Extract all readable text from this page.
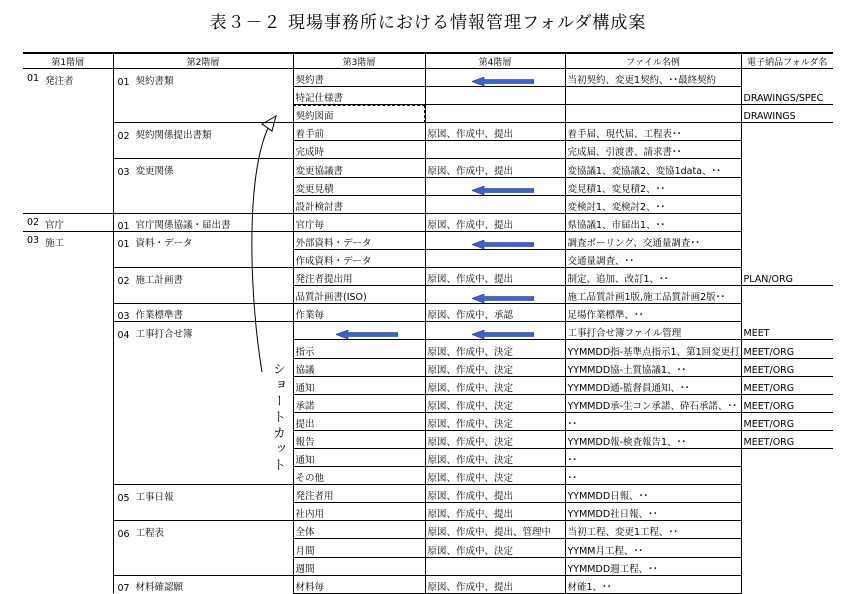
表３－２ 現場事務所における情報管理フォルダ構成案
第1階層	第2階層	第3階層	第4階層	ファイル名例	電子納品フォルダ名
01 発注者	01 契約書類	契約書		当初契約、変更1契約、･･最終契約	
		特記仕様書			DRAWINGS/SPEC
		契約図面			DRAWINGS
	02 契約関係提出書類	着手前	原図、作成中、提出	着手届、現代届、工程表･･	
		完成時		完成届、引渡書、請求書･･	
	03 変更関係	変更協議書	原図、作成中、提出	変協議1、変協議2、変協1data、･･	
		変更見積		変見積1、変見積2、･･	
		設計検討書		変検討1、変検討2、･･	
02 官庁	01 官庁関係協議・届出書	官庁毎	原図、作成中、提出	県協議1、市届出1、･･	
03 施工	01 資料・データ	外部資料・データ		調査ボーリング、交通量調査･･	
		作成資料・データ		交通量調査、･･	
	02 施工計画書	発注者提出用	原図、作成中、提出	制定、追加、改訂1、･･	PLAN/ORG
		品質計画書(ISO)		施工品質計画1版,施工品質計画2版･･	
	03 作業標準書	作業毎	原図、作成中、承認	足場作業標準、･･	
	04 工事打合せ簿			工事打合せ簿ファイル管理	MEET
		指示	原図、作成中、決定	YYMMDD指-基準点指示1、第1回変更打	MEET/ORG
		協議	原図、作成中、決定	YYMMDD協-土質協議1、･･	MEET/ORG
		通知	原図、作成中、決定	YYMMDD通-監督員通知、･･	MEET/ORG
		承諾	原図、作成中、決定	YYMMDD承-生コン承諾、砕石承諾、･･	MEET/ORG
		提出	原図、作成中、決定	･･	MEET/ORG
		報告	原図、作成中、決定	YYMMDD報-検査報告1、･･	MEET/ORG
		通知	原図、作成中、決定	･･	
		その他	原図、作成中、決定	･･	
	05 工事日報	発注者用	原図、作成中、提出	YYMMDD日報、･･	
		社内用	原図、作成中、提出	YYMMDD社日報、･･	
	06 工程表	全体	原図、作成中、提出、管理中	当初工程、変更1工程、･･	
		月間	原図、作成中、決定	YYMM月工程、･･	
		週間		YYMMDD週工程、･･	
	07 材料確認願	材料毎	原図、作成中、提出	材確1、･･	
ショートカット
